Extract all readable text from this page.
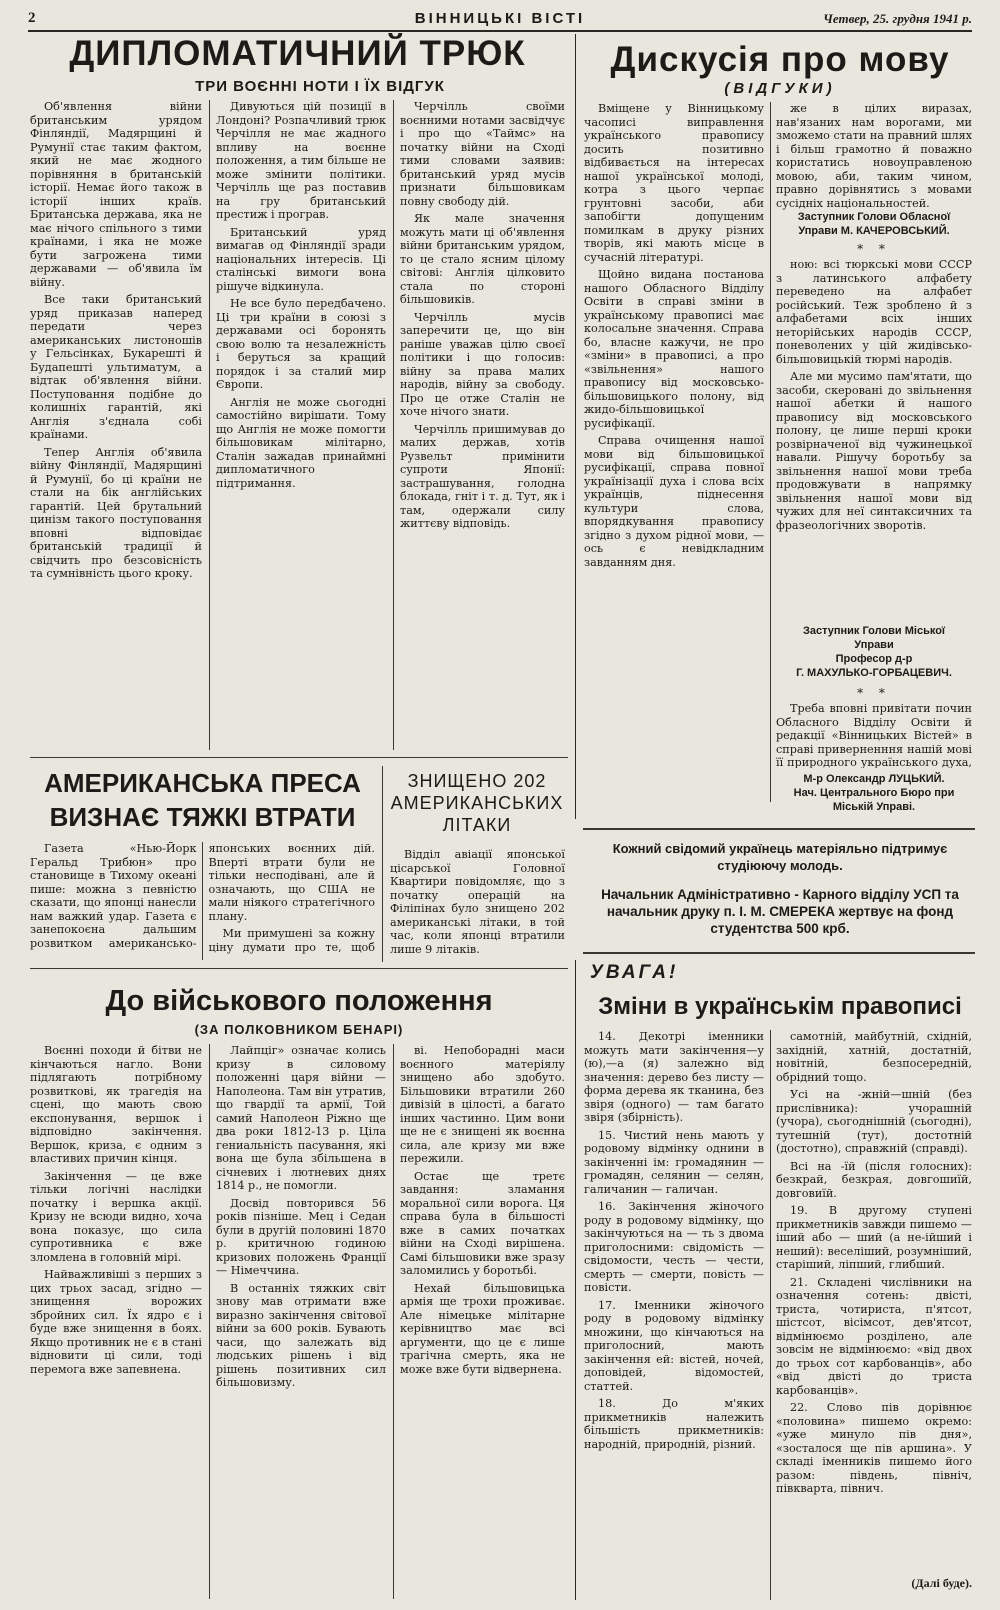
2	ВІННИЦЬКІ ВІСТІ	Четвер, 25. грудня 1941 р.
ДИПЛОМАТИЧНИЙ ТРЮК
ТРИ ВОЄННІ НОТИ І ЇХ ВІДГУК

Об'явлення війни британським урядом Фінляндії, Мадярщині й Румунії стає таким фактом, який не має жодного порівняння в британській історії. Немає його також в історії інших країв. Британська держава, яка не має нічого спільного з тими країнами, і яка не може бути загрожена тими державами — об'явила їм війну.

Все таки британський уряд приказав наперед передати через американських листоношів у Гельсінках, Букарешті й Будапешті ультиматум, а відтак об'явлення війни. Поступовання подібне до колишніх гарантій, які Англія з'єднала собі країнами.

Тепер Англія об'явила війну Фінляндії, Мадярщині й Румунії, бо ці країни не стали на бік англійських гарантій. Цей брутальний цинізм такого поступовання вповні відповідає британській традиції й свідчить про безсовісність та сумнівність цього кроку.

Дивуються цій позиції в Лондоні? Розпачливий трюк Черчілля не має жадного впливу на воєнне положення, а тим більше не може змінити політики. Черчілль ще раз поставив на гру британський престиж і програв.

Британський уряд вимагав од Фінляндії зради національних інтересів. Ці сталінські вимоги вона рішуче відкинула.

Не все було передбачено. Ці три країни в союзі з державами осі боронять свою волю та незалежність і беруться за кращий порядок і за сталий мир Європи.

Англія не може сьогодні самостійно вирішати. Тому що Англія не може помогти більшовикам мілітарно, Сталін зажадав принаймні дипломатичного підтримання.

Черчілль своїми воєнними нотами засвідчує і про що «Таймс» на початку війни на Сході тими словами заявив: британський уряд мусів признати більшовикам повну свободу дій.

Як мале значення можуть мати ці об'явлення війни британським урядом, то це стало ясним цілому світові: Англія цілковито стала по стороні більшовиків.

Черчілль мусів заперечити це, що він раніше уважав цілю своєї політики і що голосив: війну за права малих народів, війну за свободу. Про це отже Сталін не хоче нічого знати.

Черчілль пришимував до малих держав, хотів Рузвельт примінити супроти Японії: застрашування, голодна блокада, гніт і т. д. Тут, як і там, одержали силу життєву відповідь.

Дискусія про мову
(ВІДГУКИ)

Вміщене у Вінницькому часописі виправлення українського правопису досить позитивно відбивається на інтересах нашої української молоді, котра з цього черпає грунтовні засоби, аби запобігти допущеним помилкам в друку різних творів, які мають місце в сучасній літературі.

Щойно видана постанова нашого Обласного Відділу Освіти в справі зміни в українському правописі має колосальне значення. Справа бо, власне кажучи, не про «зміни» в правописі, а про «звільнення» нашого правопису від московсько-більшовицького полону, від жидо-більшовицької русифікації.

Справа очищення нашої мови від більшовицької русифікації, справа повної українізації духа і слова всіх українців, піднесення культури слова, впорядкування правопису згідно з духом рідної мови, — ось є невідкладним завданням дня.

же в цілих виразах, нав'язаних нам ворогами, ми зможемо стати на правний шлях і більш грамотно й поважно користатись новоуправленою мовою, аби, таким чином, правно дорівнятись з мовами сусідніх національностей.

Заступник Голови Обласної
Управи М. КАЧЕРОВСЬКИЙ.
* *

ною: всі тюркські мови СССР з латинського алфабету переведено на алфабет російський. Теж зроблено й з алфабетами всіх інших неторійських народів СССР, поневолених у цій жидівсько-більшовицькій тюрмі народів.

Але ми мусимо пам'ятати, що засоби, скеровані до звільнення нашої абетки й нашого правопису від московського полону, це лише перші кроки розвірначеної від чужинецької навали. Рішучу боротьбу за звільнення нашої мови треба продовжувати в напрямку звільнення нашої мови від чужих для неї синтаксичних та фразеологічних зворотів.

Заступник Голови Міської
Управи
Професор д-р
Г. МАХУЛЬКО-ГОРБАЦЕВИЧ.
* *

Треба вповні привітати почин Обласного Відділу Освіти й редакції «Вінницьких Вістей» в справі приверненння нашій мові її природного українського духа,

М-р Олександр ЛУЦЬКИЙ.
Нач. Центрального Бюро при
Міській Управі.
АМЕРИКАНСЬКА ПРЕСА
ВИЗНАЄ ТЯЖКІ ВТРАТИ

Газета «Нью-Йорк Геральд Трибюн» про становище в Тихому океані пише: можна з певністю сказати, що японці нанесли нам важкий удар. Газета є занепокоєна дальшим розвитком американсько-японських воєнних дій. Вперті втрати були не тільки несподівані, але й означають, що США не мали ніякого стратегічного плану.

Ми примушені за кожну ціну думати про те, щоб

ЗНИЩЕНО 202
АМЕРИКАНСЬКИХ
ЛІТАКИ

Відділ авіації японської цісарської Головної Квартири повідомляє, що з початку операцій на Філіпінах було знищено 202 американські літаки, в той час, коли японці втратили лише 9 літаків.

Кожний свідомий українець матеріяльно підтримує студіюючу молодь.
Начальник Адміністративно - Карного відділу УСП та начальник друку п. І. М. СМЕРЕКА жертвує на фонд студентства 500 крб.
До військового положення
(ЗА ПОЛКОВНИКОМ БЕНАРІ)

Воєнні походи й бітви не кінчаються нагло. Вони підлягають потрібному розвиткові, як трагедія на сцені, що мають свою експонування, вершок і відповідно закінчення. Вершок, криза, є одним з властивих причин кінця.

Закінчення — це вже тільки логічні наслідки початку і вершка акції. Кризу не всюди видно, хоча вона показує, що сила супротивника є вже зломлена в головній мірі.

Найважливіші з перших з цих трьох засад, згідно — знищення ворожих збройних сил. Їх ядро є і буде вже знищення в боях. Якщо противник не є в стані відновити ці сили, тоді перемога вже запевнена.

Лайпціг» означає колись кризу в силовому положенні царя війни — Наполеона. Там він утратив, що гвардії та армії, Той самий Наполеон Ріжно ще два роки 1812-13 р. Ціла гениальність пасування, які вона ще була збільшена в січневих і лютневих днях 1814 р., не помогли.

Досвід повторився 56 років пізніше. Мец і Седан були в другій половині 1870 р. критичною годиною кризових положень Франції — Німеччина.

В останніх тяжких світ знову мав отримати вже виразно закінчення світової війни за 600 років. Бувають часи, що залежать від людських рішень і від рішень позитивних сил більшовизму.

ві. Непоборадні маси воєнного матеріялу знищено або здобуто. Більшовики втратили 260 дивізій в цілості, а багато інших частинно. Цим вони ще не є знищені як воєнна сила, але кризу ми вже пережили.

Остає ще третє завдання: зламання моральної сили ворога. Ця справа була в більшості вже в самих початках війни на Сході вирішена. Самі більшовики вже зразу заломились у боротьбі.

Нехай більшовицька армія ще трохи проживає. Але німецьке мілітарне керівництво має всі аргументи, що це є лише трагічна смерть, яка не може вже бути відвернена.

УВАГА!
Зміни в українськім правописі

14. Декотрі іменники можуть мати закінчення—у (ю),—а (я) залежно від значення: дерево без листу — форма дерева як тканина, без звіря (одного) — там багато звіря (збірність).

15. Чистий нень мають у родовому відмінку однини в закінченні ім: громадянин — громадян, селянин — селян, галичанин — галичан.

16. Закінчення жіночого роду в родовому відмінку, що закінчуються на — ть з двома приголосними: свідомість — свідомости, честь — чести, смерть — смерти, повість — повісти.

17. Іменники жіночого роду в родовому відмінку множини, що кінчаються на приголосний, мають закінчення ей: вістей, ночей, доповідей, відомостей, статтей.

18. До м'яких прикметників належить більшість прикметників: народній, природній, різний.

самотній, майбутній, східній, західній, хатній, достатній, новітній, безпосередній, обрідний тощо.

Усі на -жній—шній (без прислівника): учорашній (учора), сьогоднішній (сьогодні), тутешній (тут), достотній (достотно), справжній (справді).

Всі на -їй (після голосних): безкрай, безкрая, довгошиїй, довговиїй.

19. В другому ступені прикметників завжди пишемо — іший або — ший (а не-ійший і неший): веселіший, розумніший, старіший, ліпший, глибший.

21. Складені числівники на означення сотень: двісті, триста, чотириста, п'ятсот, шістсот, вісімсот, дев'ятсот, відмінюємо розділено, але зовсім не відмінюємо: «від двох до трьох сот карбованців», або «від двісті до триста карбованців».

22. Слово пів дорівнює «половина» пишемо окремо: «уже минуло пів дня», «зосталося ще пів аршина». У складі іменників пишемо його разом: південь, північ, півкварта, півнич.

(Далі буде).
